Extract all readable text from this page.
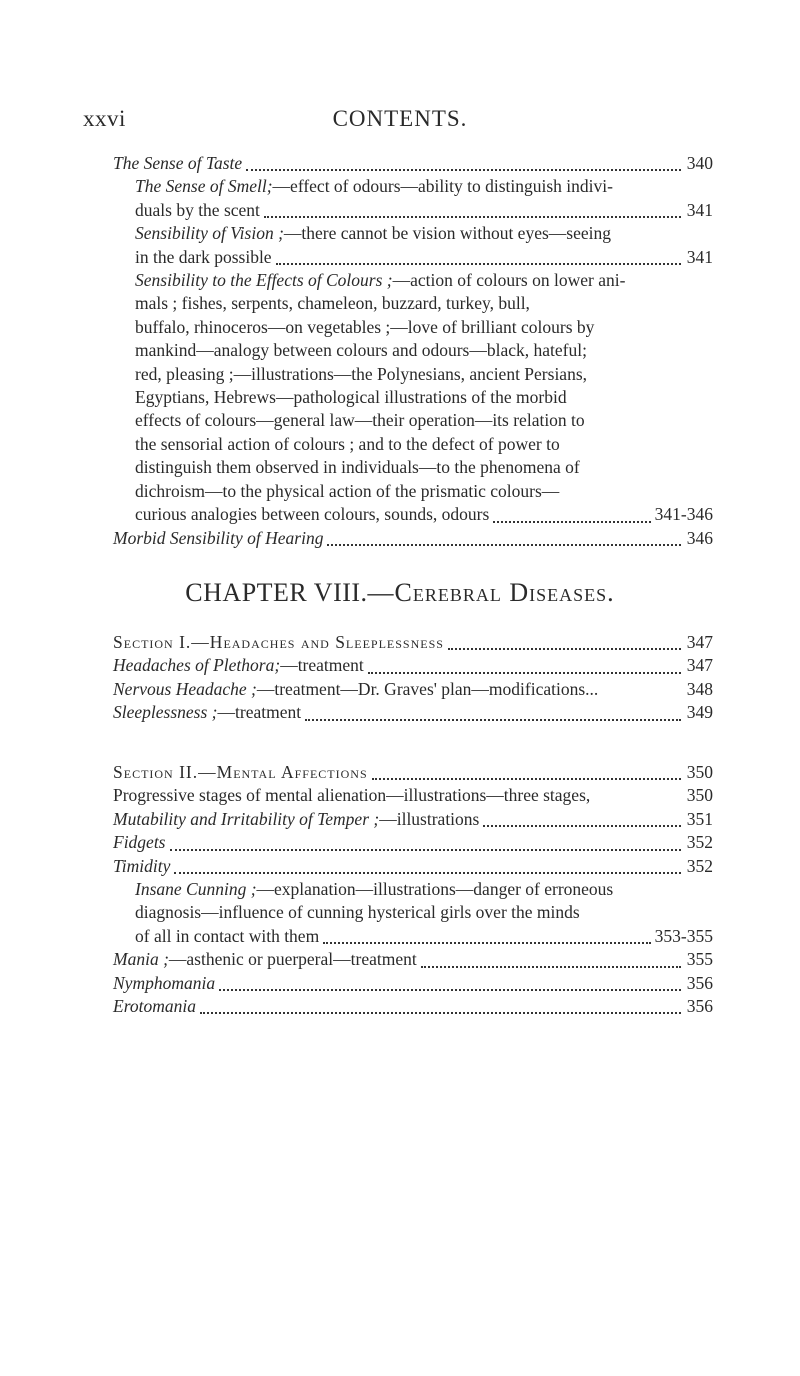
xxvi	CONTENTS.
The Sense of Taste	340
The Sense of Smell;—effect of odours—ability to distinguish indivi-
duals by the scent	341
Sensibility of Vision ;—there cannot be vision without eyes—seeing
in the dark possible	341
Sensibility to the Effects of Colours ;—action of colours on lower ani-
mals ; fishes, serpents, chameleon, buzzard, turkey, bull,
buffalo, rhinoceros—on vegetables ;—love of brilliant colours by
mankind—analogy between colours and odours—black, hateful;
red, pleasing ;—illustrations—the Polynesians, ancient Persians,
Egyptians, Hebrews—pathological illustrations of the morbid
effects of colours—general law—their operation—its relation to
the sensorial action of colours ; and to the defect of power to
distinguish them observed in individuals—to the phenomena of
dichroism—to the physical action of the prismatic colours—
curious analogies between colours, sounds, odours	341-346
Morbid Sensibility of Hearing	346
CHAPTER VIII.—Cerebral Diseases.
Section I.—Headaches and Sleeplessness	347
Headaches of Plethora;—treatment	347
Nervous Headache ;—treatment—Dr. Graves' plan—modifications...	348
Sleeplessness ;—treatment	349
Section II.—Mental Affections	350
Progressive stages of mental alienation—illustrations—three stages,	350
Mutability and Irritability of Temper ;—illustrations	351
Fidgets	352
Timidity	352
Insane Cunning ;—explanation—illustrations—danger of erroneous
diagnosis—influence of cunning hysterical girls over the minds
of all in contact with them	353-355
Mania ;—asthenic or puerperal—treatment	355
Nymphomania	356
Erotomania	356
